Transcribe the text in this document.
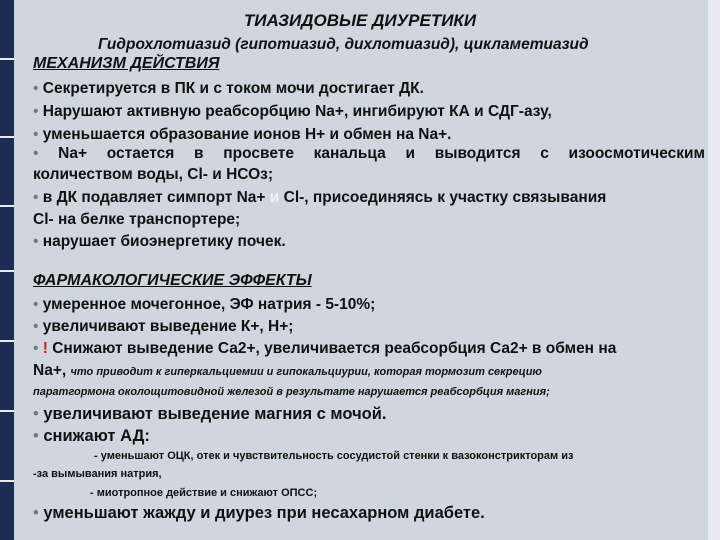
ТИАЗИДОВЫЕ ДИУРЕТИКИ
Гидрохлотиазид (гипотиазид, дихлотиазид), цикламетиазид
МЕХАНИЗМ ДЕЙСТВИЯ
• Секретируется в ПК и с током мочи достигает ДК.
• Нарушают активную реабсорбцию Na+, ингибируют КА и СДГ-азу,
• уменьшается образование ионов Н+ и обмен на Na+.
• Na+ остается в просвете канальца и выводится с изоосмотическим
количеством воды, Cl- и НСОз;
• в ДК подавляет симпорт Na+ и Cl-, присоединяясь к участку связывания
Cl- на белке транспортере;
• нарушает биоэнергетику почек.
ФАРМАКОЛОГИЧЕСКИЕ ЭФФЕКТЫ
• умеренное мочегонное, ЭФ натрия - 5-10%;
• увеличивают выведение К+, Н+;
• ! Снижают выведение Са2+, увеличивается реабсорбция Са2+ в обмен на
Na+, что приводит к гиперкальциемии и гипокальциурии, которая тормозит секрецию
паратгормона околощитовидной железой в результате нарушается реабсорбция магния;
• увеличивают выведение магния с мочой.
• снижают АД:
- уменьшают ОЦК, отек и чувствительность сосудистой стенки к вазоконстрикторам из
-за вымывания натрия,
- миотропное действие и снижают ОПСС;
• уменьшают жажду и диурез при несахарном диабете.
